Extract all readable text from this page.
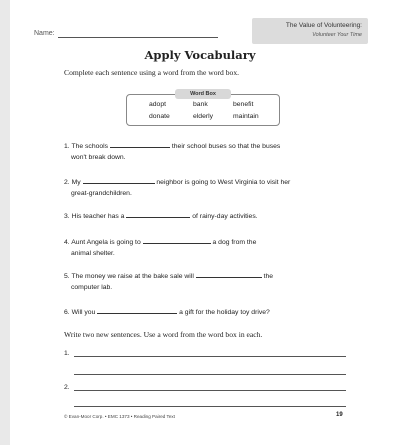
Name:
The Value of Volunteering:
Volunteer Your Time
Apply Vocabulary
Complete each sentence using a word from the word box.
Word Box
adopt	bank	benefit
donate	elderly	maintain
1. The schools	their school buses so that the buses
won't break down.
2. My	neighbor is going to West Virginia to visit her
great-grandchildren.
3. His teacher has a	of rainy-day activities.
4. Aunt Angela is going to	a dog from the
animal shelter.
5. The money we raise at the bake sale will	the
computer lab.
6. Will you	a gift for the holiday toy drive?
Write two new sentences. Use a word from the word box in each.
1.
2.
© Evan-Moor Corp. • EMC 1373 • Reading Paired Text	19
